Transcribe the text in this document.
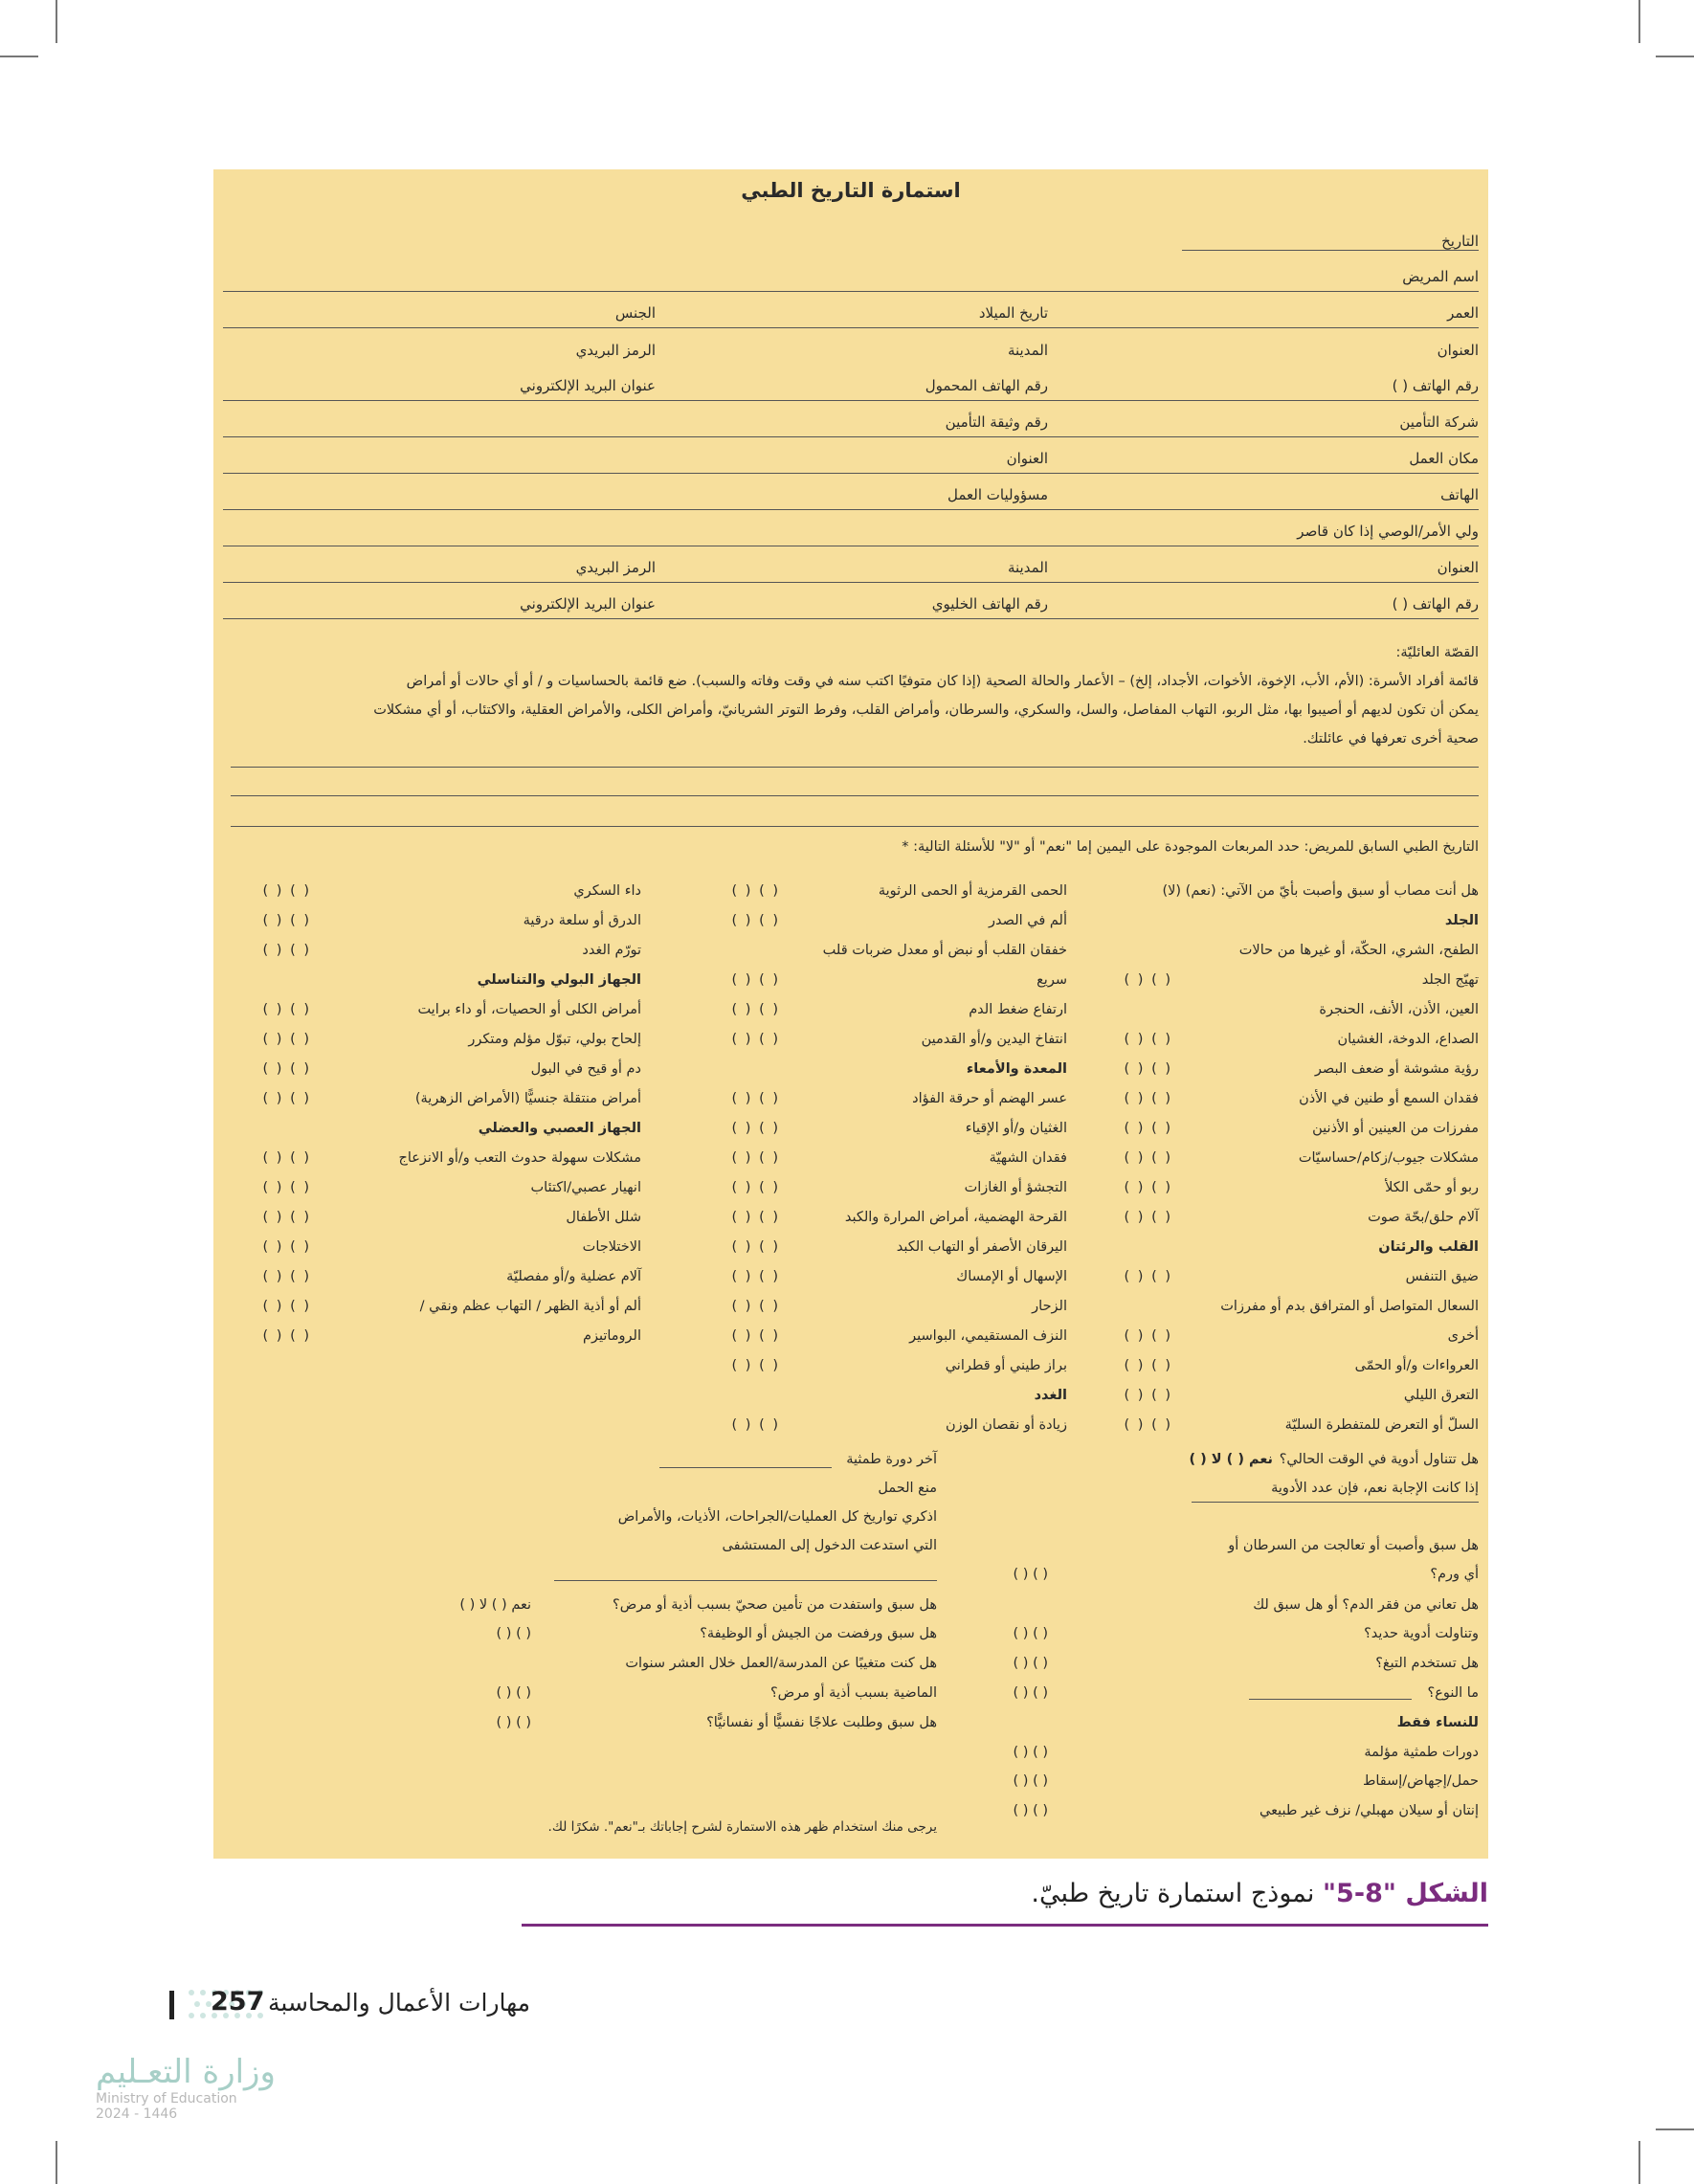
استمارة التاريخ الطبي
التاريخ
اسم المريض
العمر
تاريخ الميلاد
الجنس
العنوان
المدينة
الرمز البريدي
رقم الهاتف ( )
رقم الهاتف المحمول
عنوان البريد الإلكتروني
شركة التأمين
رقم وثيقة التأمين
مكان العمل
العنوان
الهاتف
مسؤوليات العمل
ولي الأمر/الوصي إذا كان قاصر
العنوان
المدينة
الرمز البريدي
رقم الهاتف ( )
رقم الهاتف الخليوي
عنوان البريد الإلكتروني
القصّة العائليّة:
قائمة أفراد الأسرة: (الأم، الأب، الإخوة، الأخوات، الأجداد، إلخ) – الأعمار والحالة الصحية (إذا كان متوفيًا اكتب سنه في وقت وفاته والسبب). ضع قائمة بالحساسيات و / أو أي حالات أو أمراض
يمكن أن تكون لديهم أو أصيبوا بها، مثل الربو، التهاب المفاصل، والسل، والسكري، والسرطان، وأمراض القلب، وفرط التوتر الشريانيّ، وأمراض الكلى، والأمراض العقلية، والاكتئاب، أو أي مشكلات
صحية أخرى تعرفها في عائلتك.
التاريخ الطبي السابق للمريض: حدد المربعات الموجودة على اليمين إما "نعم" أو "لا" للأسئلة التالية: *
هل أنت مصاب أو سبق وأصبت بأيّ من الآتي: (نعم) (لا)
الجلد
الطفح، الشري، الحكّة، أو غيرها من حالات
تهيّج الجلد
( ) ( )
العين، الأذن، الأنف، الحنجرة
الصداع، الدوخة، الغشيان
( ) ( )
رؤية مشوشة أو ضعف البصر
( ) ( )
فقدان السمع أو طنين في الأذن
( ) ( )
مفرزات من العينين أو الأذنين
( ) ( )
مشكلات جيوب/زكام/حساسيّات
( ) ( )
ربو أو حمّى الكلأ
( ) ( )
آلام حلق/بحّة صوت
( ) ( )
القلب والرئتان
ضيق التنفس
( ) ( )
السعال المتواصل أو المترافق بدم أو مفرزات
أخرى
( ) ( )
العرواءات و/أو الحمّى
( ) ( )
التعرق الليلي
( ) ( )
السلّ أو التعرض للمتفطرة السليّة
( ) ( )
الحمى القرمزية أو الحمى الرثوية
( ) ( )
ألم في الصدر
( ) ( )
خفقان القلب أو نبض أو معدل ضربات قلب
سريع
( ) ( )
ارتفاع ضغط الدم
( ) ( )
انتفاخ اليدين و/أو القدمين
( ) ( )
المعدة والأمعاء
عسر الهضم أو حرقة الفؤاد
( ) ( )
الغثيان و/أو الإقياء
( ) ( )
فقدان الشهيّة
( ) ( )
التجشؤ أو الغازات
( ) ( )
القرحة الهضمية، أمراض المرارة والكبد
( ) ( )
اليرقان الأصفر أو التهاب الكبد
( ) ( )
الإسهال أو الإمساك
( ) ( )
الزحار
( ) ( )
النزف المستقيمي، البواسير
( ) ( )
براز طيني أو قطراني
( ) ( )
الغدد
زيادة أو نقصان الوزن
( ) ( )
داء السكري
( ) ( )
الدرق أو سلعة درقية
( ) ( )
تورّم الغدد
( ) ( )
الجهاز البولي والتناسلي
أمراض الكلى أو الحصيات، أو داء برايت
( ) ( )
إلحاح بولي، تبوّل مؤلم ومتكرر
( ) ( )
دم أو قيح في البول
( ) ( )
أمراض منتقلة جنسيًّا (الأمراض الزهرية)
( ) ( )
الجهاز العصبي والعضلي
مشكلات سهولة حدوث التعب و/أو الانزعاج
( ) ( )
انهيار عصبي/اكتئاب
( ) ( )
شلل الأطفال
( ) ( )
الاختلاجات
( ) ( )
آلام عضلية و/أو مفصليّة
( ) ( )
ألم أو أذية الظهر / التهاب عظم ونقي /
( ) ( )
الروماتيزم
( ) ( )
نعم ( ) لا ( ) هل تتناول أدوية في الوقت الحالي؟
إذا كانت الإجابة نعم، فإن عدد الأدوية
هل سبق وأصبت أو تعالجت من السرطان أو
أي ورم؟
( ) ( )
هل تعاني من فقر الدم؟ أو هل سبق لك
وتناولت أدوية حديد؟
( ) ( )
هل تستخدم التبغ؟
( ) ( )
ما النوع؟
( ) ( )
للنساء فقط
دورات طمثية مؤلمة
( ) ( )
حمل/إجهاض/إسقاط
( ) ( )
إنتان أو سيلان مهبلي/ نزف غير طبيعي
( ) ( )
آخر دورة طمثية
منع الحمل
اذكري تواريخ كل العمليات/الجراحات، الأذيات، والأمراض
التي استدعت الدخول إلى المستشفى
هل سبق واستفدت من تأمين صحيّ بسبب أذية أو مرض؟
نعم ( ) لا ( )
هل سبق ورفضت من الجيش أو الوظيفة؟
( ) ( )
هل كنت متغيبًا عن المدرسة/العمل خلال العشر سنوات
الماضية بسبب أذية أو مرض؟
( ) ( )
هل سبق وطلبت علاجًا نفسيًّا أو نفسانيًّا؟
( ) ( )
يرجى منك استخدام ظهر هذه الاستمارة لشرح إجاباتك بـ"نعم". شكرًا لك.
الشكل "8-5" نموذج استمارة تاريخ طبيّ.
257 مهارات الأعمال والمحاسبة
وزارة التعـليم
Ministry of Education
2024 - 1446
